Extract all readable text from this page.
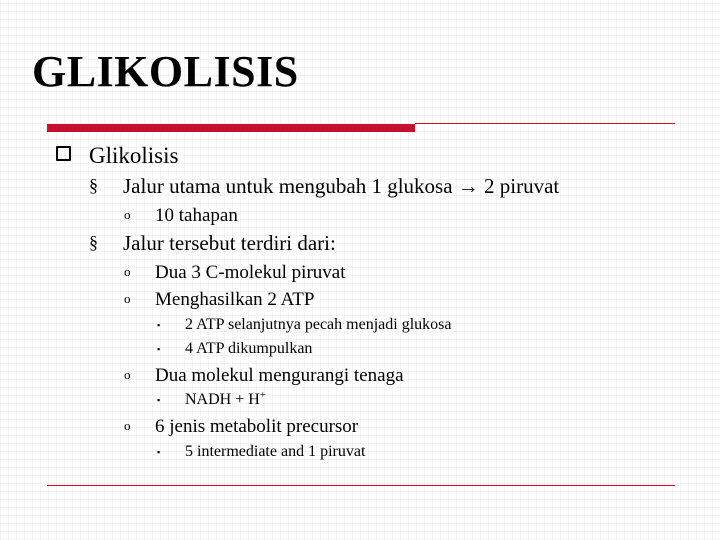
GLIKOLISIS
Glikolisis
§ Jalur utama untuk mengubah 1 glukosa → 2 piruvat
o 10 tahapan
§ Jalur tersebut terdiri dari:
o Dua 3 C-molekul piruvat
o Menghasilkan 2 ATP
▪ 2 ATP selanjutnya pecah menjadi glukosa
▪ 4 ATP dikumpulkan
o Dua molekul mengurangi tenaga
▪ NADH + H+
o 6 jenis metabolit precursor
▪ 5 intermediate and 1 piruvat
